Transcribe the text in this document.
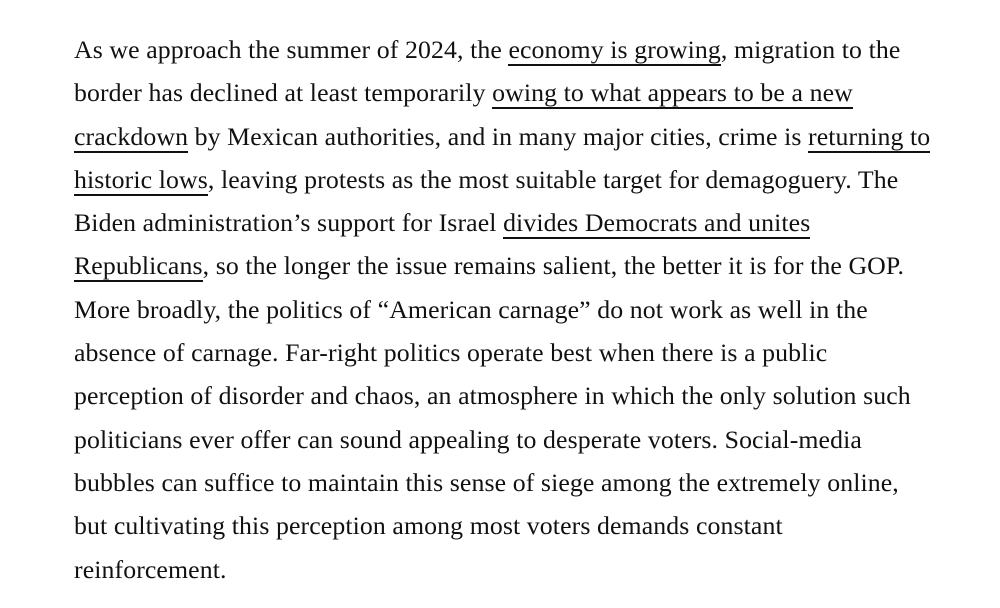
As we approach the summer of 2024, the economy is growing, migration to the border has declined at least temporarily owing to what appears to be a new crackdown by Mexican authorities, and in many major cities, crime is returning to historic lows, leaving protests as the most suitable target for demagoguery. The Biden administration’s support for Israel divides Democrats and unites Republicans, so the longer the issue remains salient, the better it is for the GOP. More broadly, the politics of “American carnage” do not work as well in the absence of carnage. Far-right politics operate best when there is a public perception of disorder and chaos, an atmosphere in which the only solution such politicians ever offer can sound appealing to desperate voters. Social-media bubbles can suffice to maintain this sense of siege among the extremely online, but cultivating this perception among most voters demands constant reinforcement.
